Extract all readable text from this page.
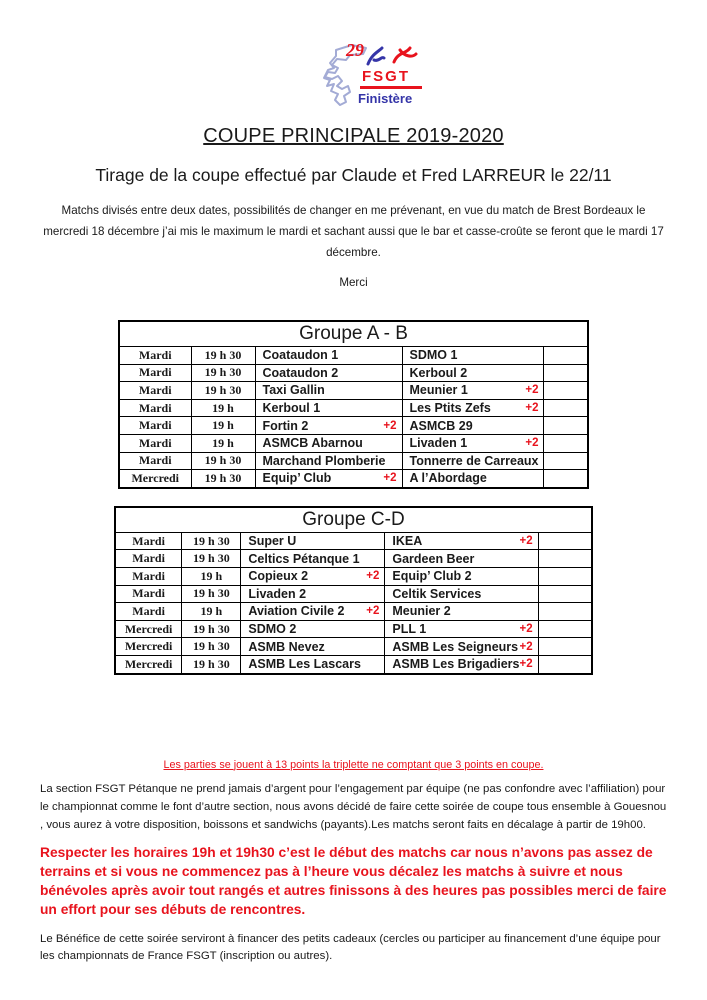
29
FSGT
Finistère
COUPE PRINCIPALE 2019-2020
Tirage de la coupe effectué par Claude et Fred LARREUR le 22/11
Matchs divisés entre deux dates, possibilités de changer en me prévenant, en vue du match de Brest Bordeaux le mercredi 18 décembre j’ai mis le maximum le mardi et sachant aussi que le bar et casse-croûte se feront que le mardi 17 décembre.
Merci
Groupe A - B				
Mardi	19 h 30	Coataudon 1	SDMO 1	

Mardi	19 h 30	Coataudon 2	Kerboul 2	

Mardi	19 h 30	Taxi Gallin	Meunier 1 +2	

Mardi	19 h	Kerboul 1	Les Ptits Zefs +2	

Mardi	19 h	Fortin 2 +2	ASMCB 29	

Mardi	19 h	ASMCB Abarnou	Livaden 1 +2	

Mardi	19 h 30	Marchand Plomberie	Tonnerre de Carreaux	

Mercredi	19 h 30	Equip’ Club +2	A l’Abordage	

Groupe C-D				
Mardi	19 h 30	Super U	IKEA +2	

Mardi	19 h 30	Celtics Pétanque 1	Gardeen Beer	

Mardi	19 h	Copieux 2 +2	Equip’ Club 2	

Mardi	19 h 30	Livaden 2	Celtik Services	

Mardi	19 h	Aviation Civile 2 +2	Meunier 2	

Mercredi	19 h 30	SDMO 2	PLL 1 +2	

Mercredi	19 h 30	ASMB Nevez	ASMB Les Seigneurs +2	

Mercredi	19 h 30	ASMB Les Lascars	ASMB Les Brigadiers +2	

Les parties se jouent à 13 points la triplette ne comptant que 3 points en coupe.
La section FSGT Pétanque ne prend jamais d’argent pour l’engagement par équipe (ne pas confondre avec l’affiliation) pour le championnat comme le font d’autre section, nous avons décidé de faire cette soirée de coupe tous ensemble à Gouesnou , vous aurez à votre disposition, boissons et sandwichs (payants).Les matchs seront faits en décalage à partir de 19h00.
Respecter les horaires 19h et 19h30 c’est le début des matchs car nous n’avons pas assez de terrains et si vous ne commencez pas à l’heure vous décalez les matchs à suivre et nous bénévoles après avoir tout rangés et autres finissons à des heures pas possibles merci de faire un effort pour ses débuts de rencontres.
Le Bénéfice de cette soirée serviront à financer des petits cadeaux (cercles ou participer au financement d’une équipe pour les championnats de France FSGT (inscription ou autres).
